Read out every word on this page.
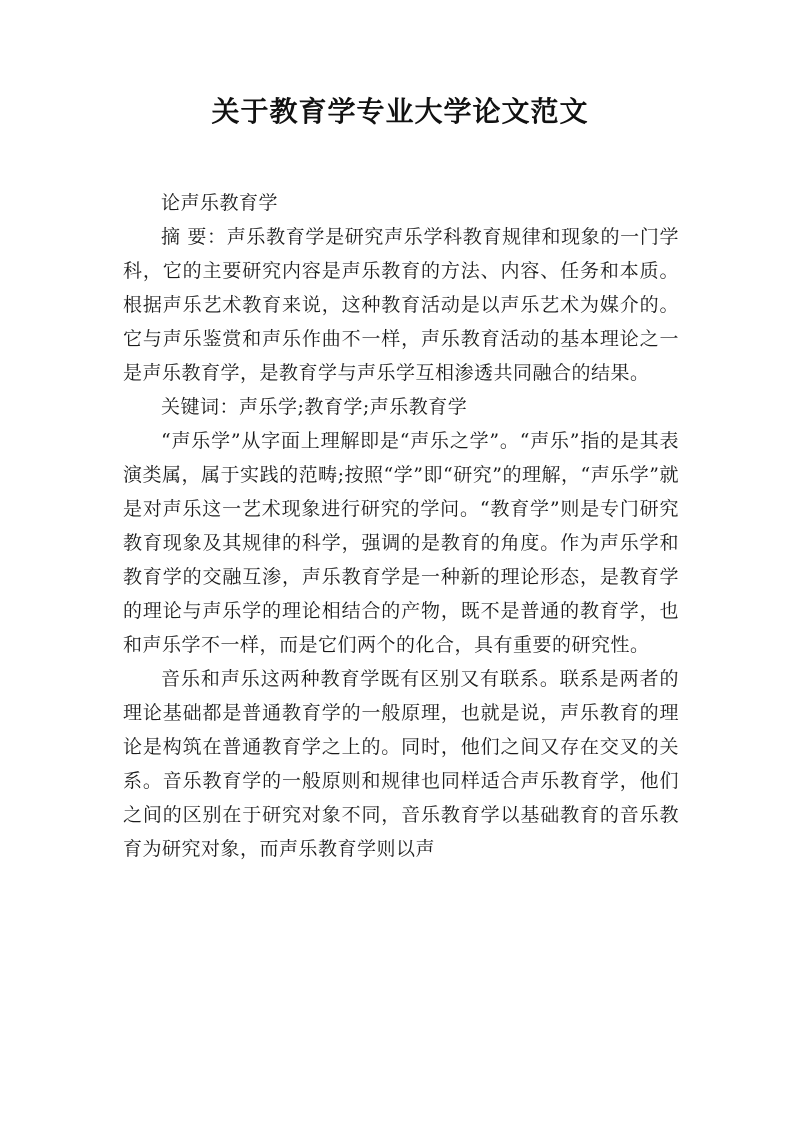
关于教育学专业大学论文范文

论声乐教育学

摘 要：声乐教育学是研究声乐学科教育规律和现象的一门学科，它的主要研究内容是声乐教育的方法、内容、任务和本质。根据声乐艺术教育来说，这种教育活动是以声乐艺术为媒介的。它与声乐鉴赏和声乐作曲不一样，声乐教育活动的基本理论之一是声乐教育学，是教育学与声乐学互相渗透共同融合的结果。

关键词：声乐学;教育学;声乐教育学

“声乐学”从字面上理解即是“声乐之学”。“声乐”指的是其表演类属，属于实践的范畴;按照“学”即“研究”的理解，“声乐学”就是对声乐这一艺术现象进行研究的学问。“教育学”则是专门研究教育现象及其规律的科学，强调的是教育的角度。作为声乐学和教育学的交融互渗，声乐教育学是一种新的理论形态，是教育学的理论与声乐学的理论相结合的产物，既不是普通的教育学，也和声乐学不一样，而是它们两个的化合，具有重要的研究性。

音乐和声乐这两种教育学既有区别又有联系。联系是两者的理论基础都是普通教育学的一般原理，也就是说，声乐教育的理论是构筑在普通教育学之上的。同时，他们之间又存在交叉的关系。音乐教育学的一般原则和规律也同样适合声乐教育学，他们之间的区别在于研究对象不同，音乐教育学以基础教育的音乐教育为研究对象，而声乐教育学则以声
